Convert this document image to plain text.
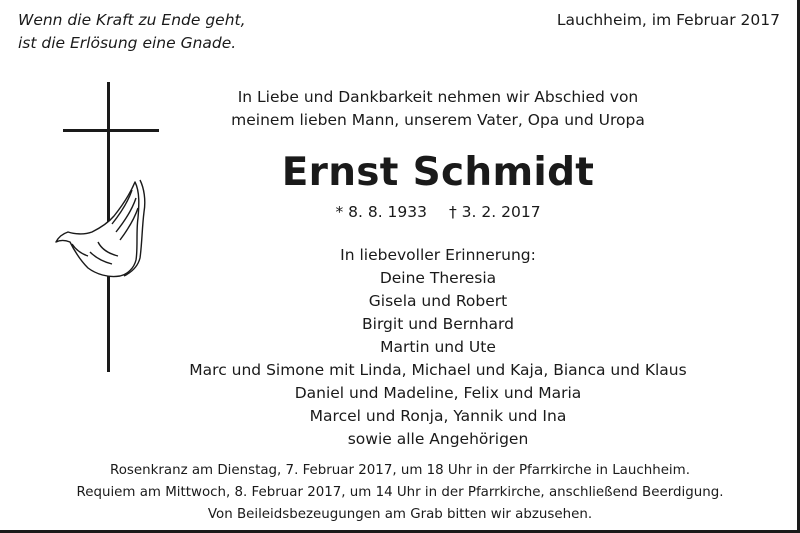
Wenn die Kraft zu Ende geht,
ist die Erlösung eine Gnade.
Lauchheim, im Februar 2017
In Liebe und Dankbarkeit nehmen wir Abschied von
meinem lieben Mann, unserem Vater, Opa und Uropa
Ernst Schmidt
* 8. 8. 1933 † 3. 2. 2017
In liebevoller Erinnerung:
Deine Theresia
Gisela und Robert
Birgit und Bernhard
Martin und Ute
Marc und Simone mit Linda, Michael und Kaja, Bianca und Klaus
Daniel und Madeline, Felix und Maria
Marcel und Ronja, Yannik und Ina
sowie alle Angehörigen
Rosenkranz am Dienstag, 7. Februar 2017, um 18 Uhr in der Pfarrkirche in Lauchheim.
Requiem am Mittwoch, 8. Februar 2017, um 14 Uhr in der Pfarrkirche, anschließend Beerdigung.
Von Beileidsbezeugungen am Grab bitten wir abzusehen.
